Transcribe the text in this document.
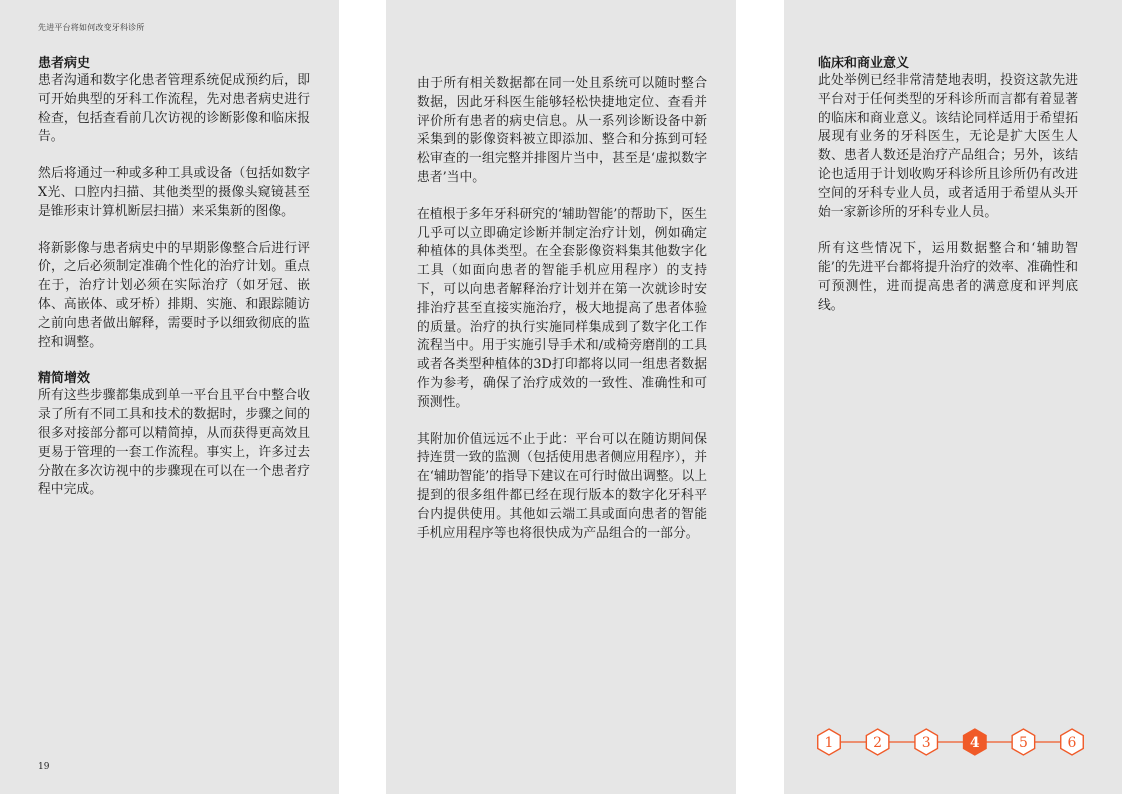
先进平台将如何改变牙科诊所
患者病史

患者沟通和数字化患者管理系统促成预约后，即可开始典型的牙科工作流程，先对患者病史进行检查，包括查看前几次访视的诊断影像和临床报告。

然后将通过一种或多种工具或设备（包括如数字X光、口腔内扫描、其他类型的摄像头窥镜甚至是锥形束计算机断层扫描）来采集新的图像。

将新影像与患者病史中的早期影像整合后进行评价，之后必须制定准确个性化的治疗计划。重点在于，治疗计划必须在实际治疗（如牙冠、嵌体、高嵌体、或牙桥）排期、实施、和跟踪随访之前向患者做出解释，需要时予以细致彻底的监控和调整。

精简增效

所有这些步骤都集成到单一平台且平台中整合收录了所有不同工具和技术的数据时，步骤之间的很多对接部分都可以精简掉，从而获得更高效且更易于管理的一套工作流程。事实上，许多过去分散在多次访视中的步骤现在可以在一个患者疗程中完成。

19

由于所有相关数据都在同一处且系统可以随时整合数据，因此牙科医生能够轻松快捷地定位、查看并评价所有患者的病史信息。从一系列诊断设备中新采集到的影像资料被立即添加、整合和分拣到可轻松审查的一组完整并排图片当中，甚至是‘虚拟数字患者’当中。

在植根于多年牙科研究的‘辅助智能’的帮助下，医生几乎可以立即确定诊断并制定治疗计划，例如确定种植体的具体类型。在全套影像资料集其他数字化工具（如面向患者的智能手机应用程序）的支持下，可以向患者解释治疗计划并在第一次就诊时安排治疗甚至直接实施治疗，极大地提高了患者体验的质量。治疗的执行实施同样集成到了数字化工作流程当中。用于实施引导手术和/或椅旁磨削的工具或者各类型种植体的3D打印都将以同一组患者数据作为参考，确保了治疗成效的一致性、准确性和可预测性。

其附加价值远远不止于此：平台可以在随访期间保持连贯一致的监测（包括使用患者侧应用程序），并在‘辅助智能’的指导下建议在可行时做出调整。以上提到的很多组件都已经在现行版本的数字化牙科平台内提供使用。其他如云端工具或面向患者的智能手机应用程序等也将很快成为产品组合的一部分。

临床和商业意义

此处举例已经非常清楚地表明，投资这款先进平台对于任何类型的牙科诊所而言都有着显著的临床和商业意义。该结论同样适用于希望拓展现有业务的牙科医生，无论是扩大医生人数、患者人数还是治疗产品组合；另外，该结论也适用于计划收购牙科诊所且诊所仍有改进空间的牙科专业人员，或者适用于希望从头开始一家新诊所的牙科专业人员。

所有这些情况下，运用数据整合和‘辅助智能’的先进平台都将提升治疗的效率、准确性和可预测性，进而提高患者的满意度和评判底线。

1	2	3	4	5	6
